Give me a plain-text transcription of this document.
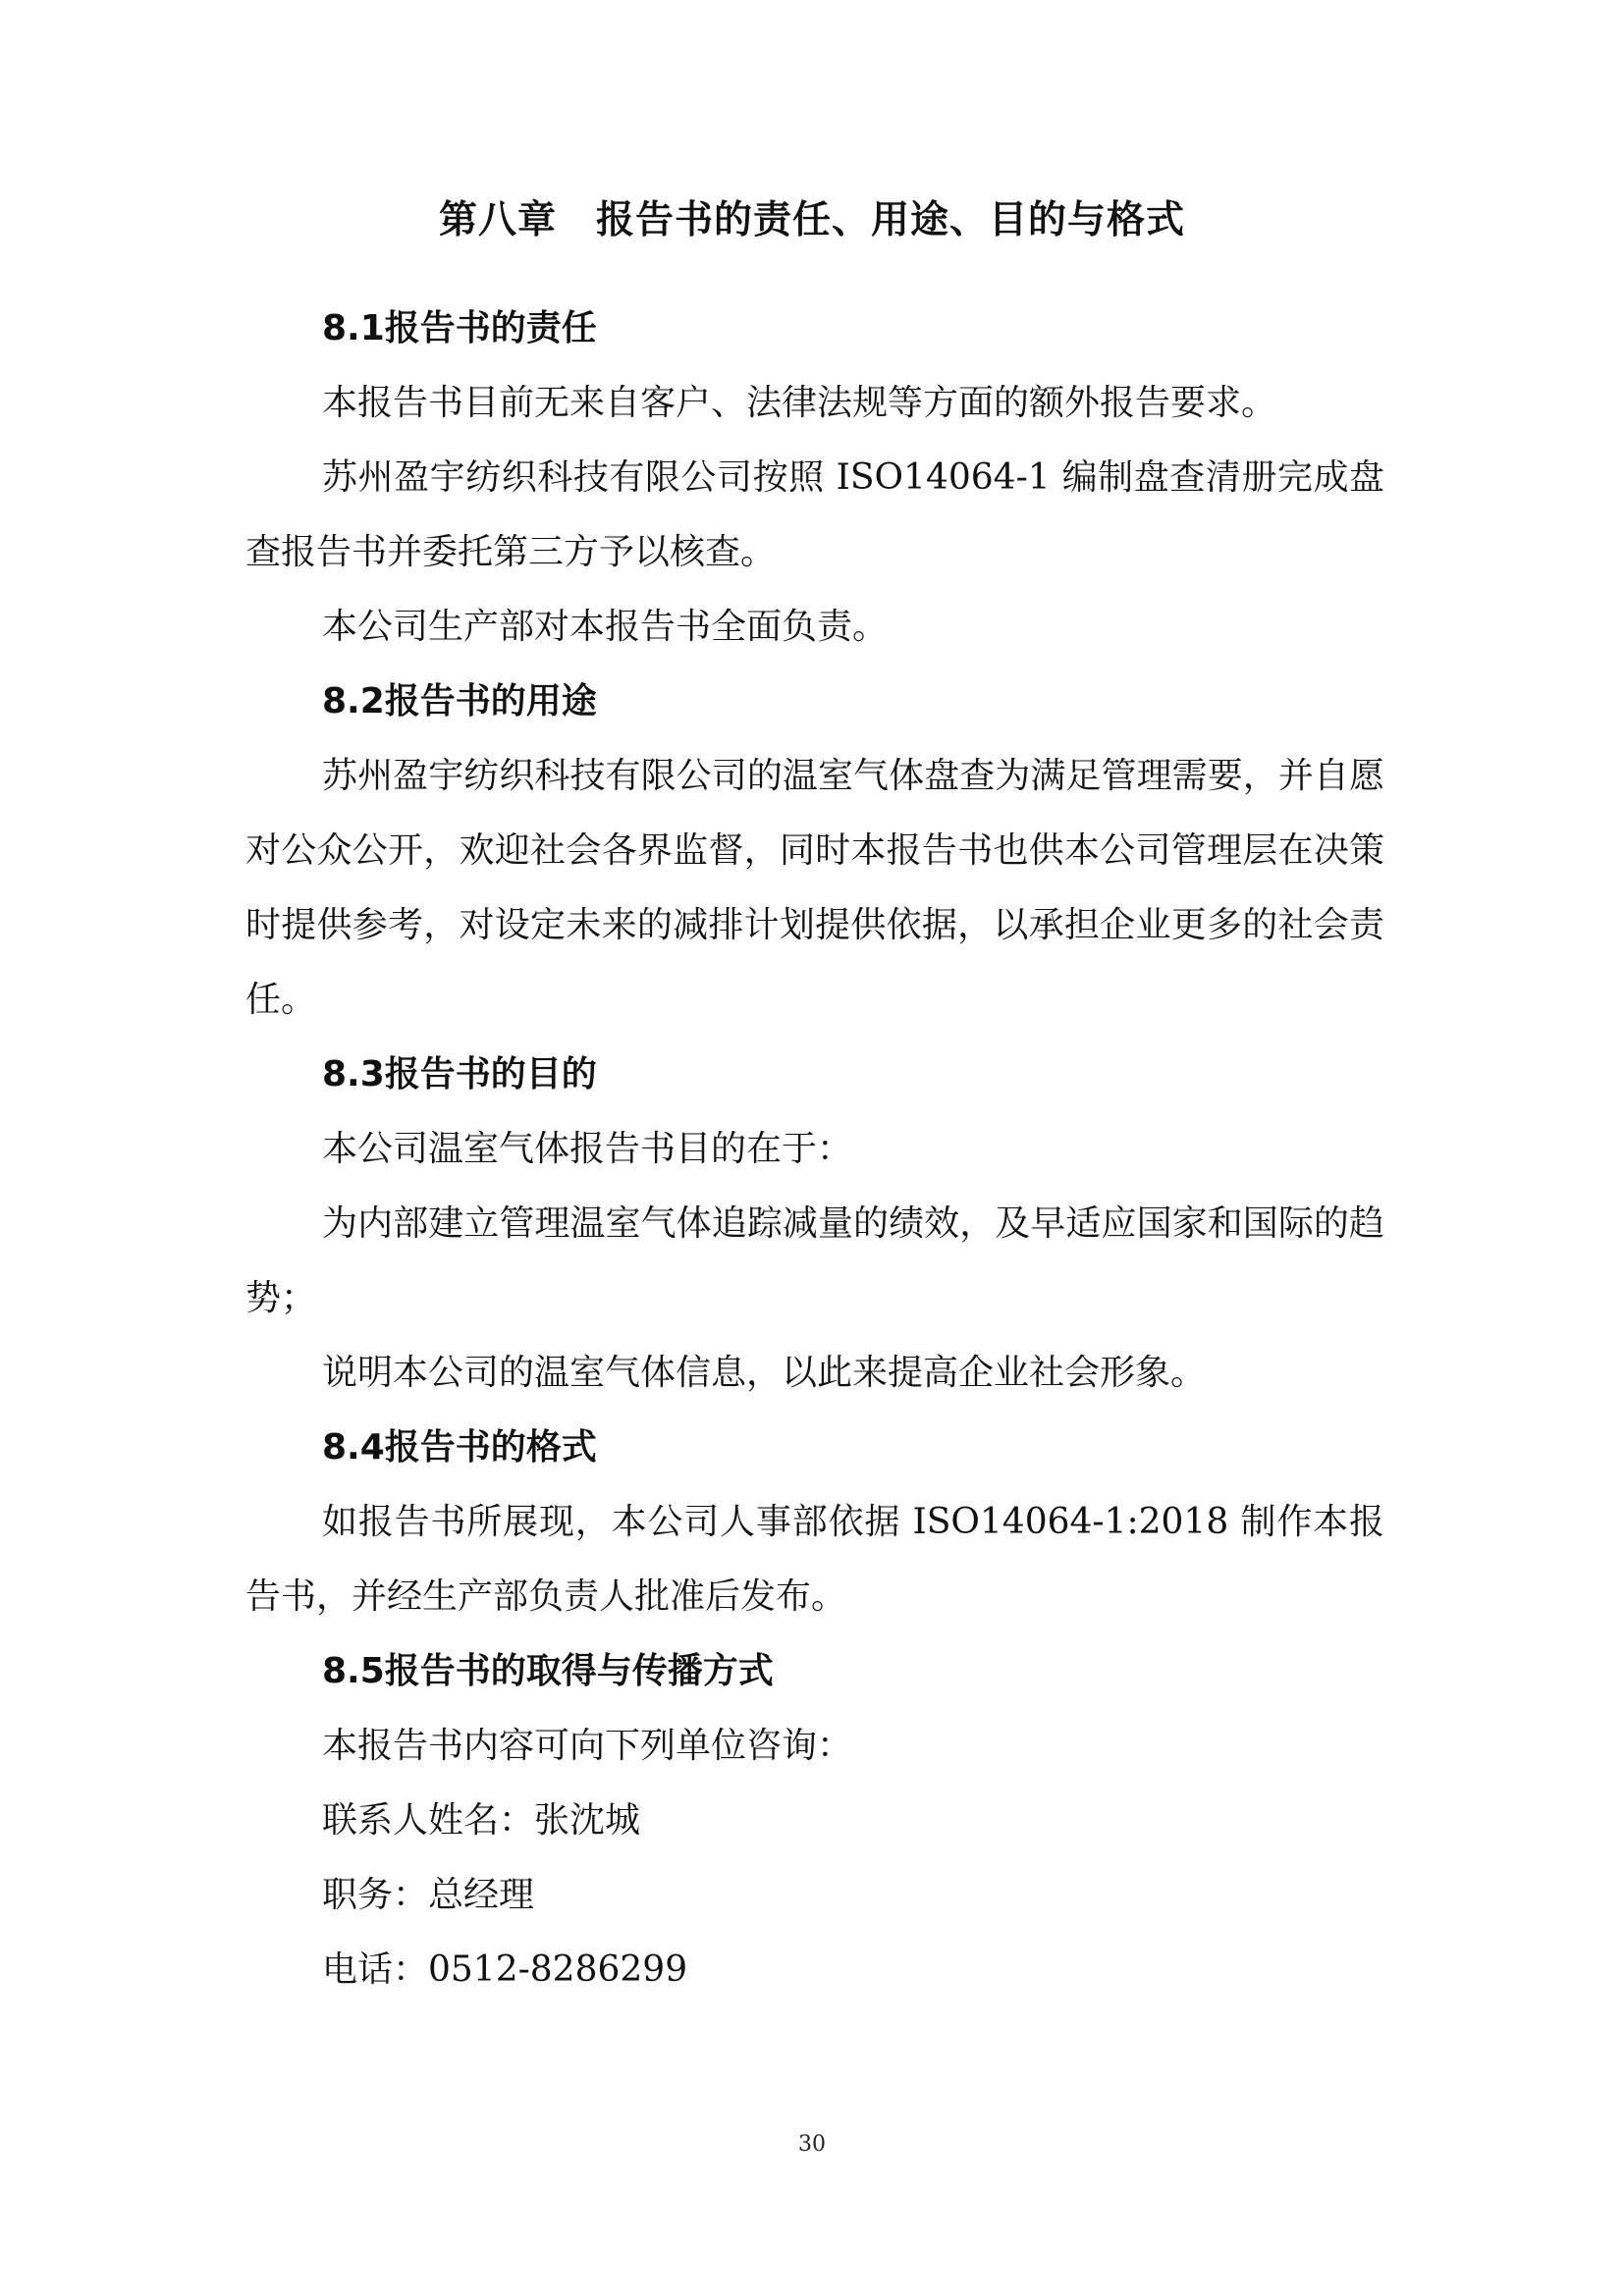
第八章　报告书的责任、用途、目的与格式

8.1报告书的责任

本报告书目前无来自客户、法律法规等方面的额外报告要求。

苏州盈宇纺织科技有限公司按照 ISO14064-1 编制盘查清册完成盘查报告书并委托第三方予以核查。

本公司生产部对本报告书全面负责。

8.2报告书的用途

苏州盈宇纺织科技有限公司的温室气体盘查为满足管理需要，并自愿对公众公开，欢迎社会各界监督，同时本报告书也供本公司管理层在决策时提供参考，对设定未来的减排计划提供依据，以承担企业更多的社会责任。

8.3报告书的目的

本公司温室气体报告书目的在于：

为内部建立管理温室气体追踪减量的绩效，及早适应国家和国际的趋势；

说明本公司的温室气体信息，以此来提高企业社会形象。

8.4报告书的格式

如报告书所展现，本公司人事部依据 ISO14064-1:2018 制作本报告书，并经生产部负责人批准后发布。

8.5报告书的取得与传播方式

本报告书内容可向下列单位咨询：

联系人姓名：张沈城

职务：总经理

电话：0512-8286299

30
